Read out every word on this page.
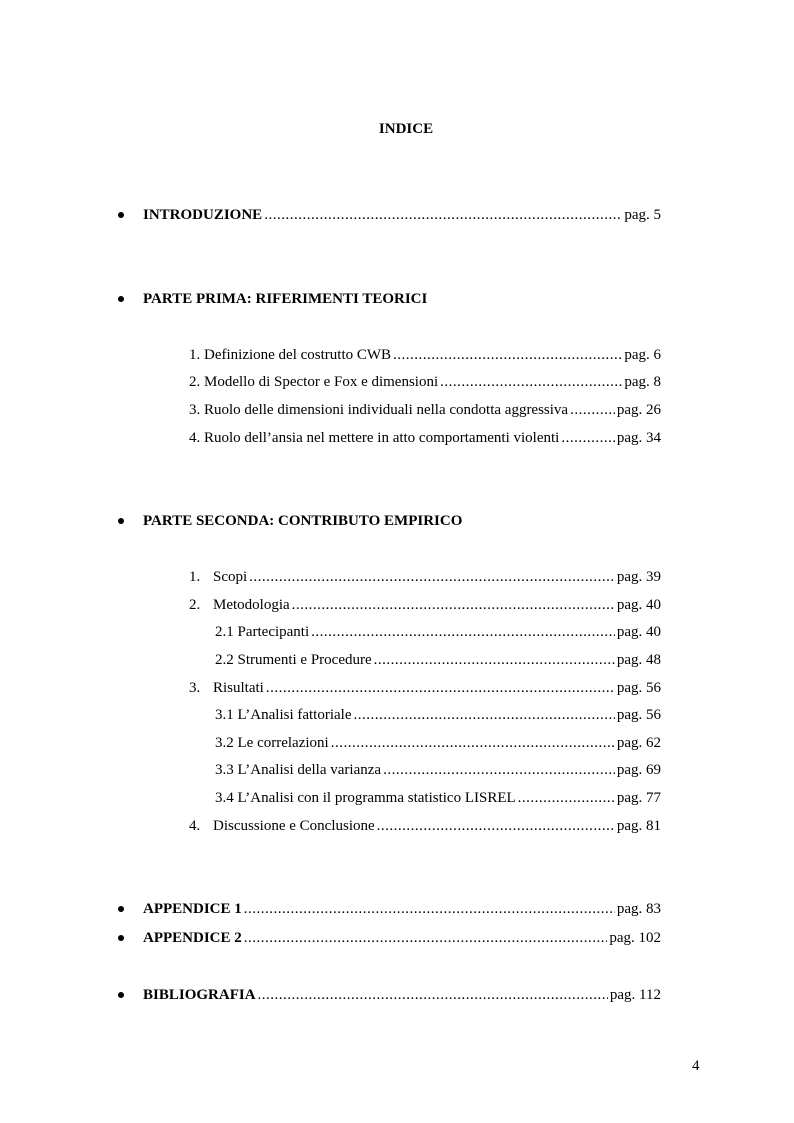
INDICE
INTRODUZIONE .....	pag. 5
PARTE PRIMA: RIFERIMENTI TEORICI
1. Definizione del costrutto CWB .....	pag. 6
2. Modello di Spector e Fox e dimensioni .....	pag. 8
3. Ruolo delle dimensioni individuali nella condotta aggressiva .....	pag. 26
4. Ruolo dell’ansia nel mettere in atto comportamenti violenti .....	pag. 34
PARTE SECONDA: CONTRIBUTO EMPIRICO
1. Scopi .....	pag. 39
2. Metodologia .....	pag. 40
2.1 Partecipanti .....	pag. 40
2.2 Strumenti e Procedure .....	pag. 48
3. Risultati .....	pag. 56
3.1 L’Analisi fattoriale .....	pag. 56
3.2 Le correlazioni .....	pag. 62
3.3 L’Analisi della varianza .....	pag. 69
3.4 L’Analisi con il programma statistico LISREL .....	pag. 77
4. Discussione e Conclusione .....	pag. 81
APPENDICE 1 .....	pag. 83
APPENDICE 2 .....	pag. 102
BIBLIOGRAFIA .....	pag. 112
4
